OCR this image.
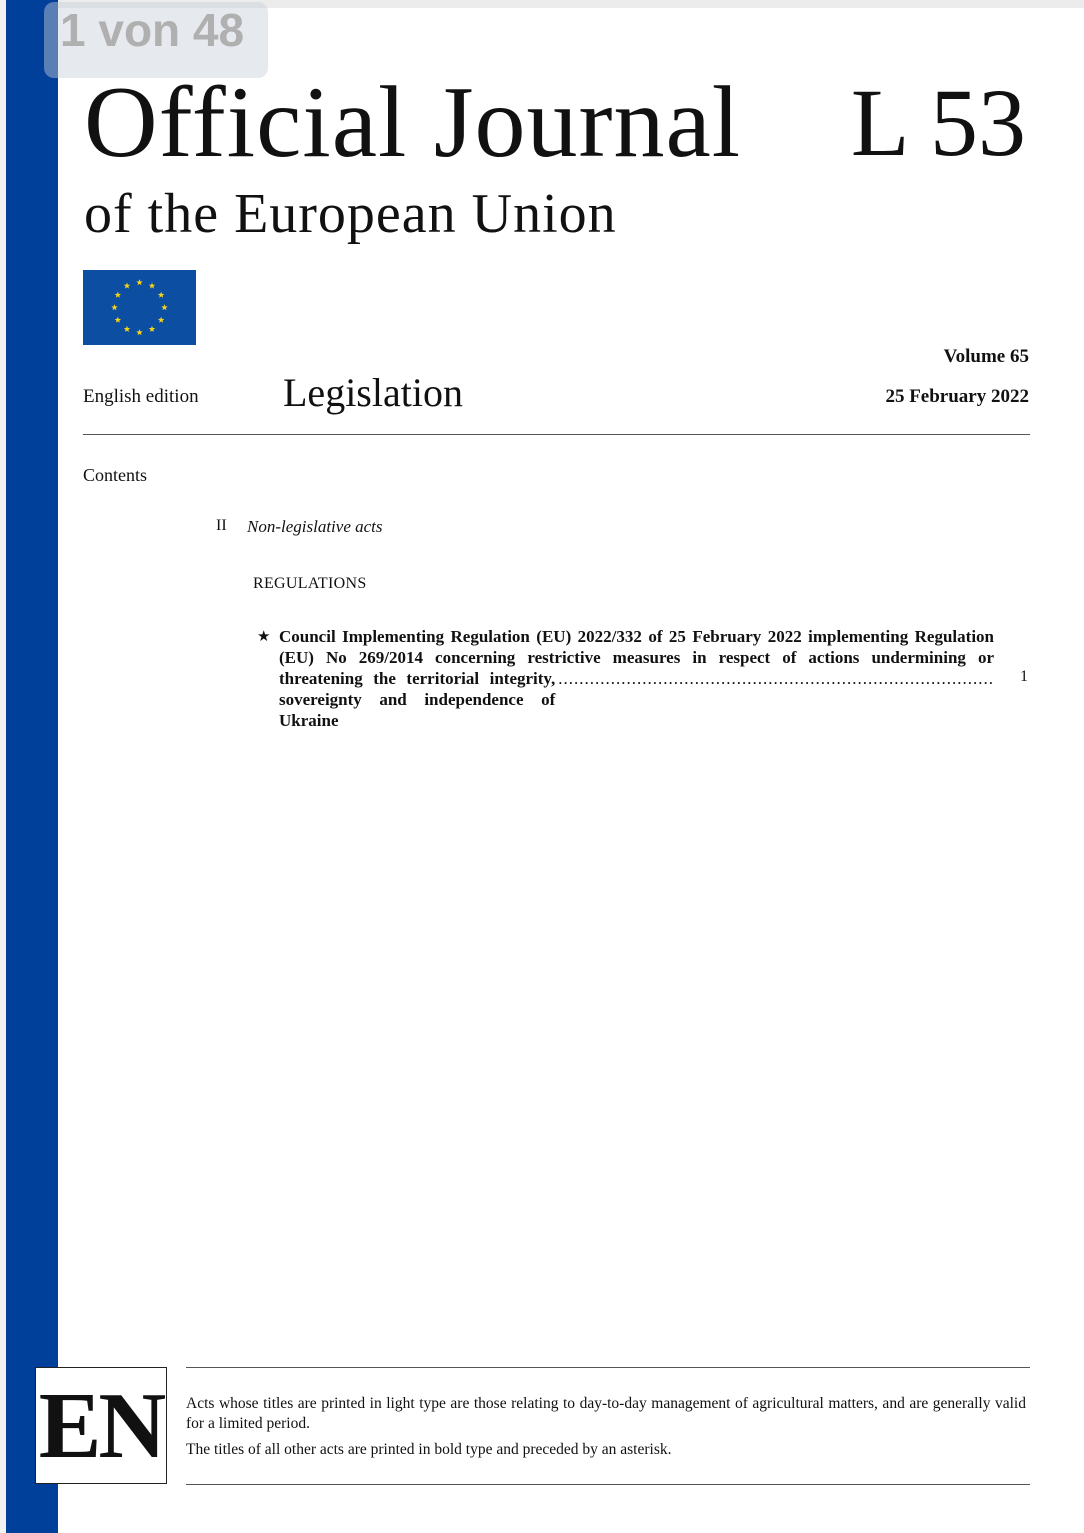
Official Journal
of the European Union
L 53
Volume 65
English edition Legislation	25 February 2022
Contents
II Non-legislative acts
REGULATIONS
★ Council Implementing Regulation (EU) 2022/332 of 25 February 2022 implementing Regulation
(EU) No 269/2014 concerning restrictive measures in respect of actions undermining or
threatening the territorial integrity, sovereignty and independence of Ukraine
................................................................................... 1
EN Acts whose titles are printed in light type are those relating to day-to-day management of agricultural matters, and are generally valid for a limited period.
The titles of all other acts are printed in bold type and preceded by an asterisk.
1 von 48
